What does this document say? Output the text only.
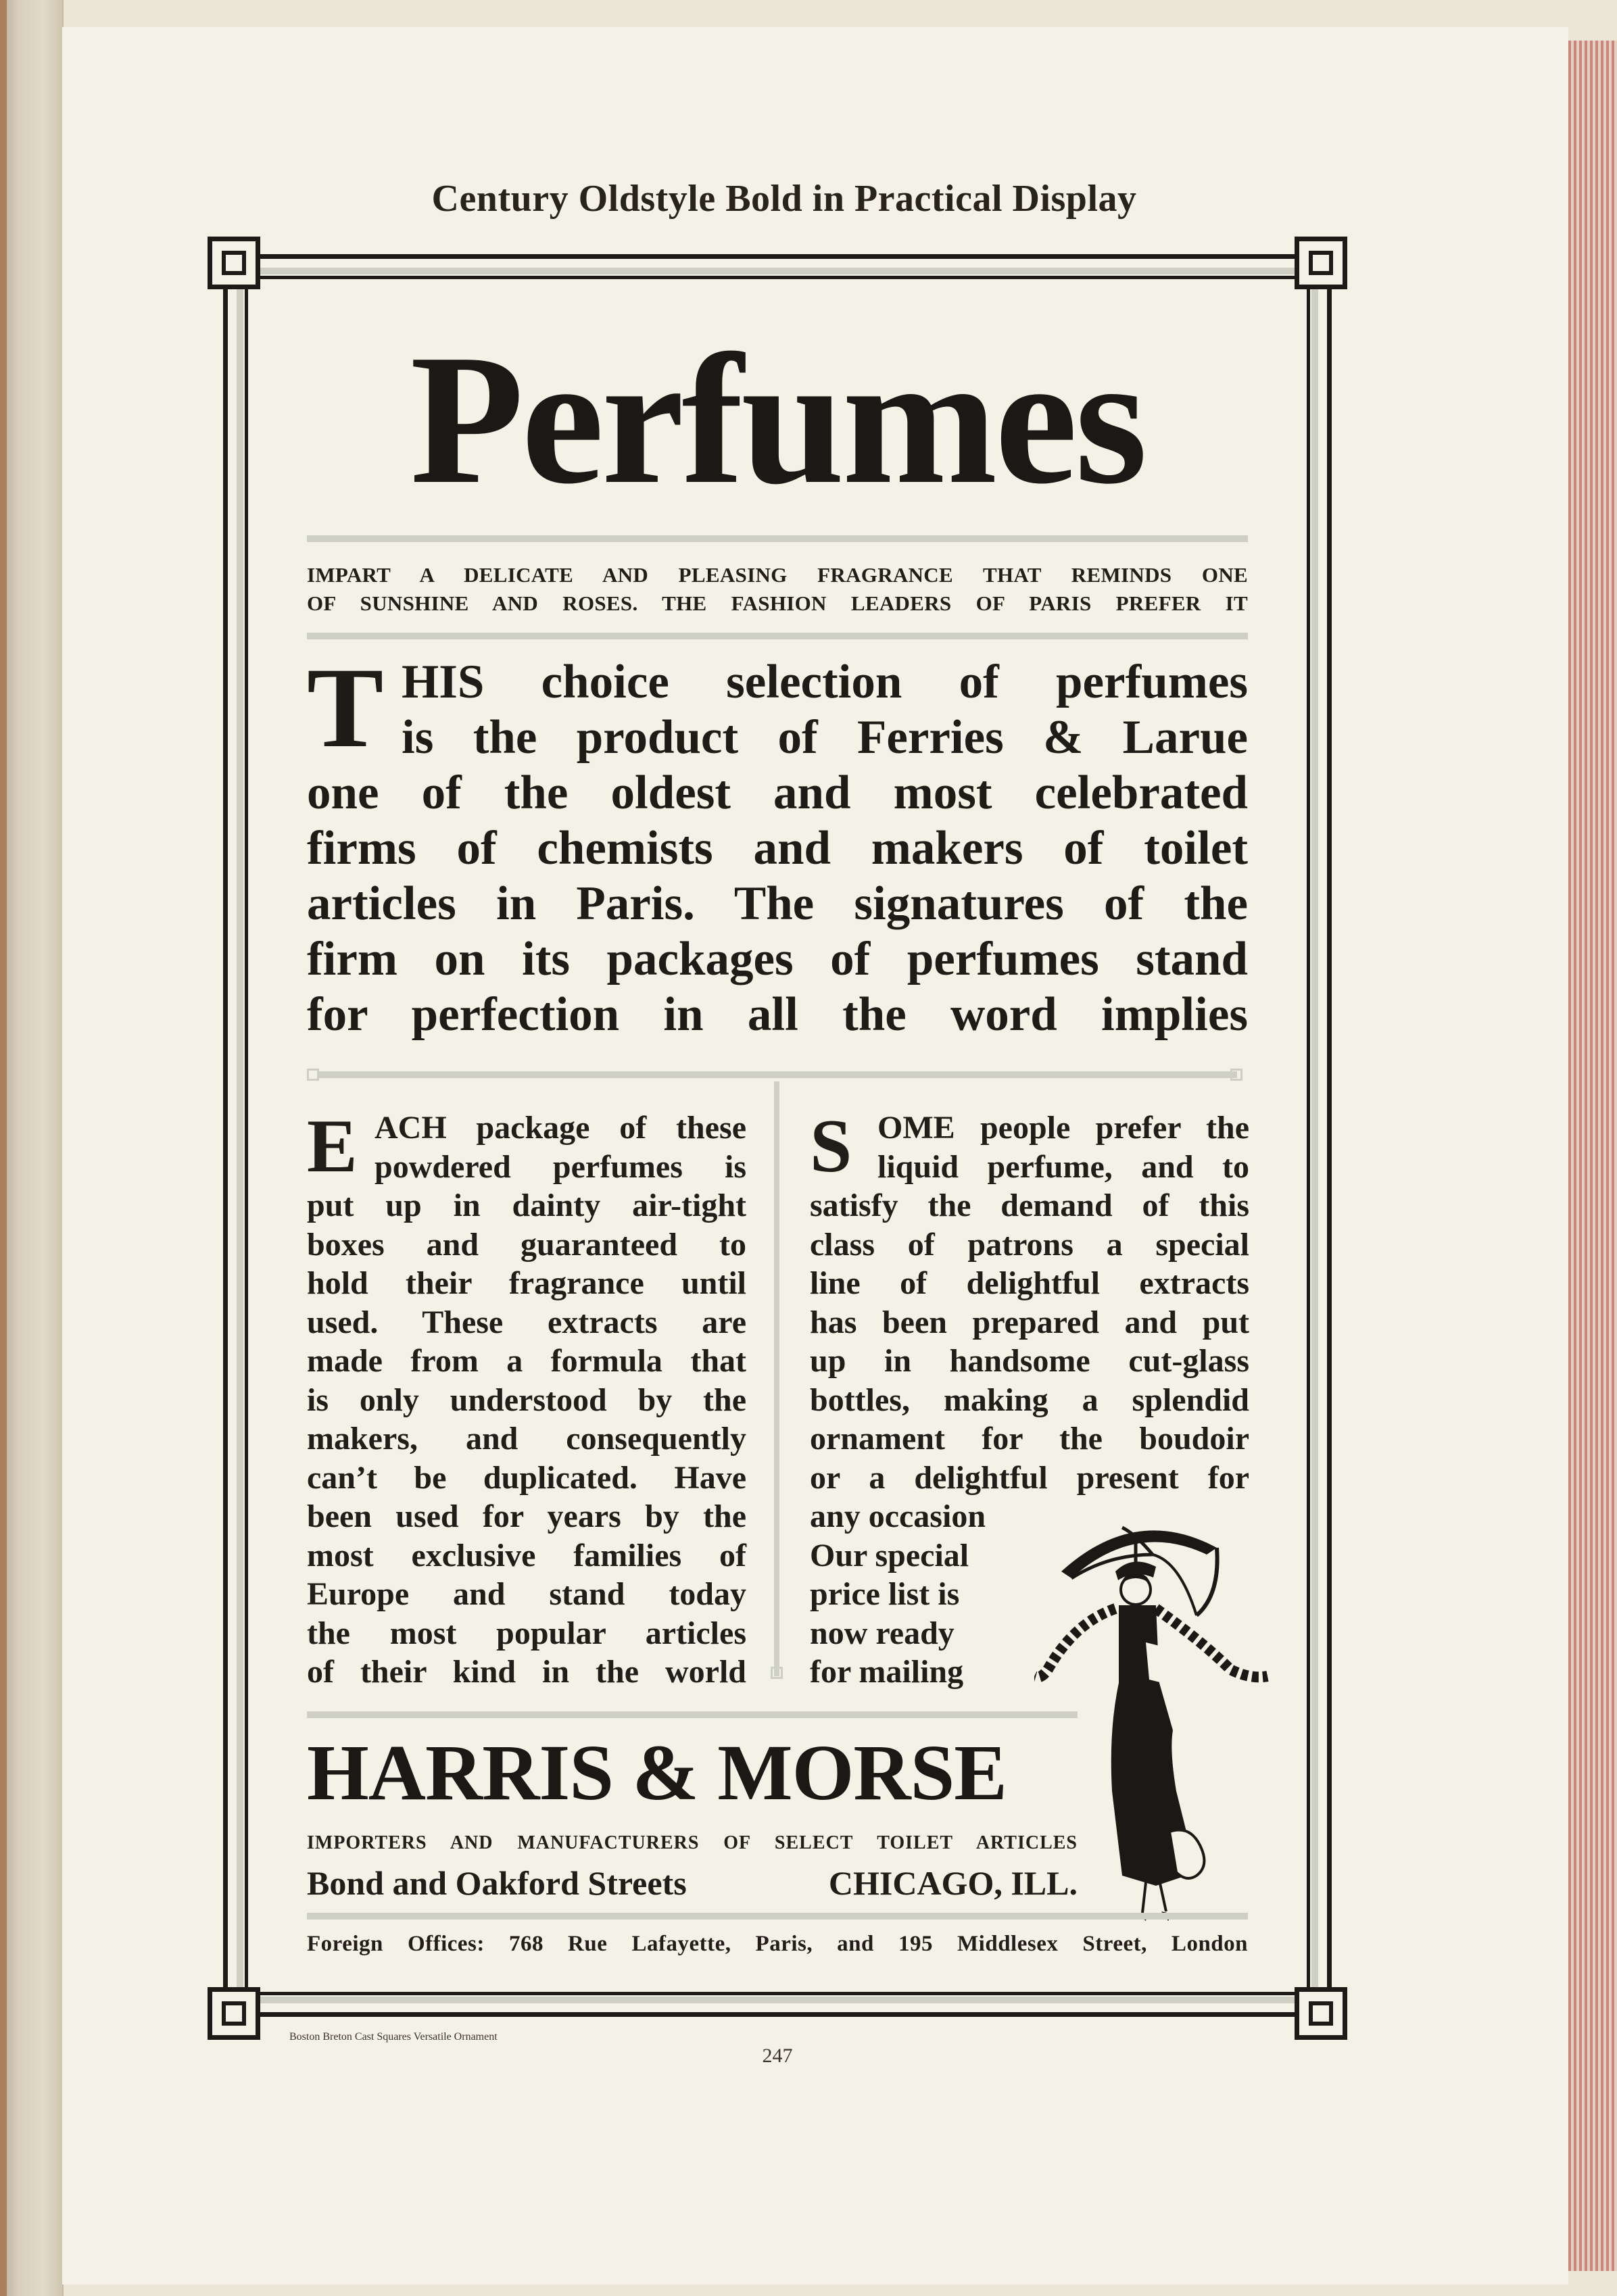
Century Oldstyle Bold in Practical Display
Perfumes
IMPART A DELICATE AND PLEASING FRAGRANCE THAT REMINDS ONE
OF SUNSHINE AND ROSES. THE FASHION LEADERS OF PARIS PREFER IT
T HIS choice selection of perfumes
is the product of Ferries & Larue
one of the oldest and most celebrated
firms of chemists and makers of toilet
articles in Paris. The signatures of the
firm on its packages of perfumes stand
for perfection in all the word implies
E ACH package of these
powdered perfumes is
put up in dainty air-tight
boxes and guaranteed to
hold their fragrance until
used. These extracts are
made from a formula that
is only understood by the
makers, and consequently
can’t be duplicated. Have
been used for years by the
most exclusive families of
Europe and stand today
the most popular articles
of their kind in the world
S OME people prefer the
liquid perfume, and to
satisfy the demand of this
class of patrons a special
line of delightful extracts
has been prepared and put
up in handsome cut-glass
bottles, making a splendid
ornament for the boudoir
or a delightful present for
any occasion
Our special
price list is
now ready
for mailing
HARRIS & MORSE
IMPORTERS AND MANUFACTURERS OF SELECT TOILET ARTICLES
Bond and Oakford Streets	CHICAGO, ILL.
Foreign Offices: 768 Rue Lafayette, Paris, and 195 Middlesex Street, London
Boston Breton Cast Squares Versatile Ornament
247
